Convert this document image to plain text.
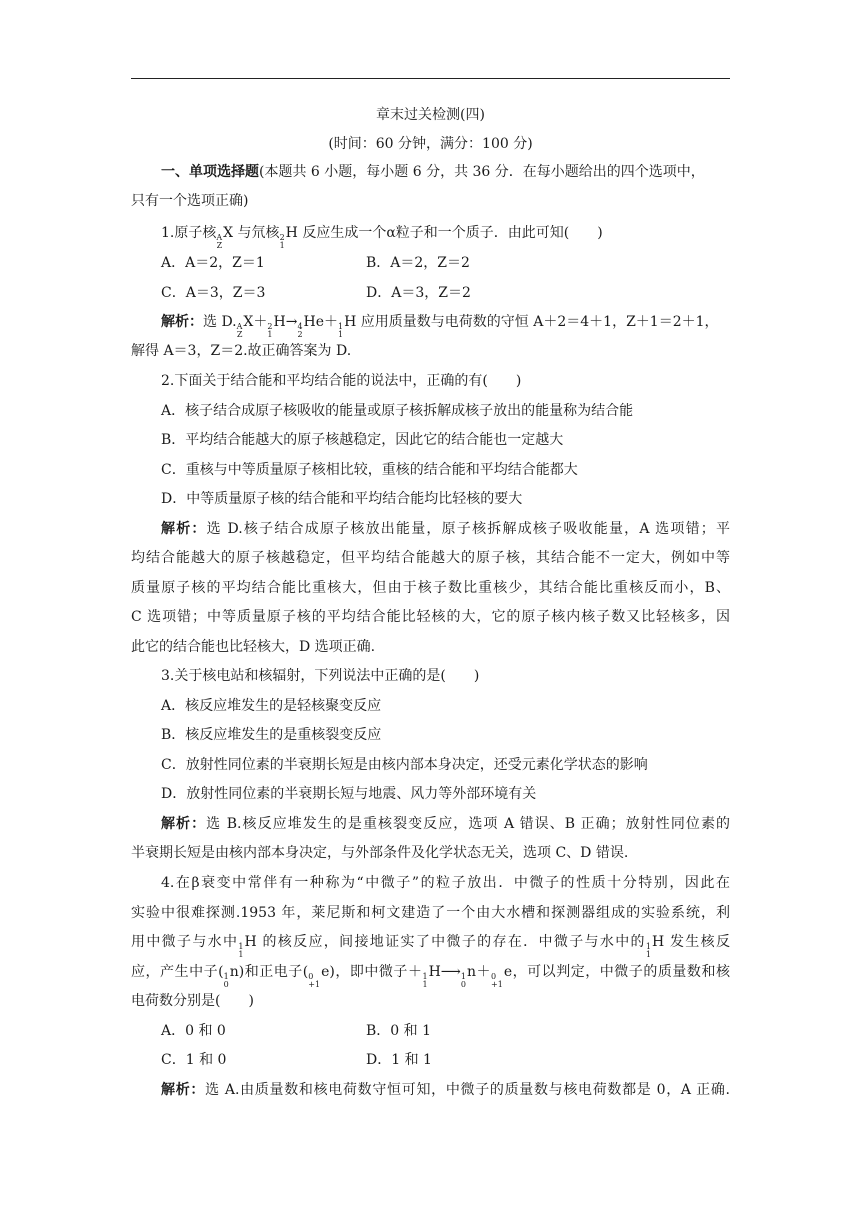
章末过关检测(四)
(时间：60 分钟，满分：100 分)
一、单项选择题(本题共 6 小题，每小题 6 分，共 36 分．在每小题给出的四个选项中，
只有一个选项正确)
1.原子核 A
Z
X 与氘核 2
1
H 反应生成一个α粒子和一个质子．由此可知(　　)
A．A＝2，Z＝1	B．A＝2，Z＝2
C．A＝3，Z＝3	D．A＝3，Z＝2
解析：选 D. A
Z
X＋ 2
1
H→ 4
2
He＋ 1
1
H 应用质量数与电荷数的守恒 A＋2＝4＋1，Z＋1＝2＋1，
解得 A＝3，Z＝2.故正确答案为 D.
2.下面关于结合能和平均结合能的说法中，正确的有(　　)
A．核子结合成原子核吸收的能量或原子核拆解成核子放出的能量称为结合能
B．平均结合能越大的原子核越稳定，因此它的结合能也一定越大
C．重核与中等质量原子核相比较，重核的结合能和平均结合能都大
D．中等质量原子核的结合能和平均结合能均比轻核的要大
解析：选 D.核子结合成原子核放出能量，原子核拆解成核子吸收能量，A 选项错；平
均结合能越大的原子核越稳定，但平均结合能越大的原子核，其结合能不一定大，例如中等
质量原子核的平均结合能比重核大，但由于核子数比重核少，其结合能比重核反而小，B、
C 选项错；中等质量原子核的平均结合能比轻核的大，它的原子核内核子数又比轻核多，因
此它的结合能也比轻核大，D 选项正确.
3.关于核电站和核辐射，下列说法中正确的是(　　)
A．核反应堆发生的是轻核聚变反应
B．核反应堆发生的是重核裂变反应
C．放射性同位素的半衰期长短是由核内部本身决定，还受元素化学状态的影响
D．放射性同位素的半衰期长短与地震、风力等外部环境有关
解析：选 B.核反应堆发生的是重核裂变反应，选项 A 错误、B 正确；放射性同位素的
半衰期长短是由核内部本身决定，与外部条件及化学状态无关，选项 C、D 错误.
4.在β衰变中常伴有一种称为“中微子”的粒子放出．中微子的性质十分特别，因此在
实验中很难探测.1953 年，莱尼斯和柯文建造了一个由大水槽和探测器组成的实验系统，利
用中微子与水中 1
1
H 的核反应，间接地证实了中微子的存在．中微子与水中的 1
1
H 发生核反
应，产生中子( 1
0
n)和正电子( 0
+1
e)，即中微子＋ 1
1
H⟶ 1
0
n＋ 0
+1
e，可以判定，中微子的质量数和核
电荷数分别是(　　)
A．0 和 0	B．0 和 1
C．1 和 0	D．1 和 1
解析：选 A.由质量数和核电荷数守恒可知，中微子的质量数与核电荷数都是 0，A 正确.
